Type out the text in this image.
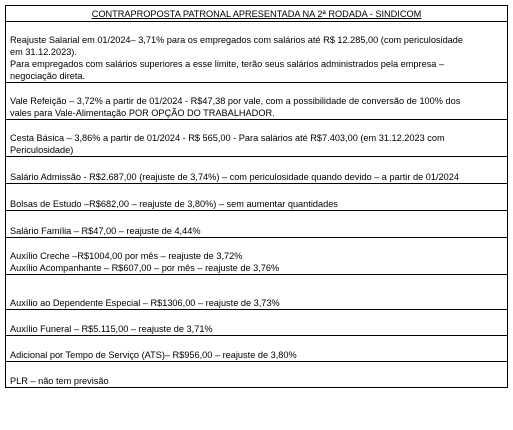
CONTRAPROPOSTA PATRONAL APRESENTADA NA 2ª RODADA - SINDICOM

Reajuste Salarial em 01/2024– 3,71% para os empregados com salários até R$ 12.285,00 (com periculosidade
em 31.12.2023).
Para empregados com salários superiores a esse limite, terão seus salários administrados pela empresa –
negociação direta.

Vale Refeição – 3,72% a partir de 01/2024 - R$47,38 por vale, com a possibilidade de conversão de 100% dos
vales para Vale-Alimentação POR OPÇÃO DO TRABALHADOR.

Cesta Básica – 3,86% a partir de 01/2024 - R$ 565,00 - Para salários até R$7.403,00 (em 31.12.2023 com
Periculosidade)

Salário Admissão - R$2.687,00 (reajuste de 3,74%) – com periculosidade quando devido – a partir de 01/2024

Bolsas de Estudo –R$682,00 – reajuste de 3,80%) – sem aumentar quantidades

Salário Família – R$47,00 – reajuste de 4,44%

Auxílio Creche –R$1004,00 por mês – reajuste de 3,72%
Auxílio Acompanhante – R$607,00 – por mês – reajuste de 3,76%

Auxílio ao Dependente Especial – R$1306,00 – reajuste de 3,73%

Auxílio Funeral – R$5.115,00 – reajuste de 3,71%

Adicional por Tempo de Serviço (ATS)– R$956,00 – reajuste de 3,80%

PLR – não tem previsão
